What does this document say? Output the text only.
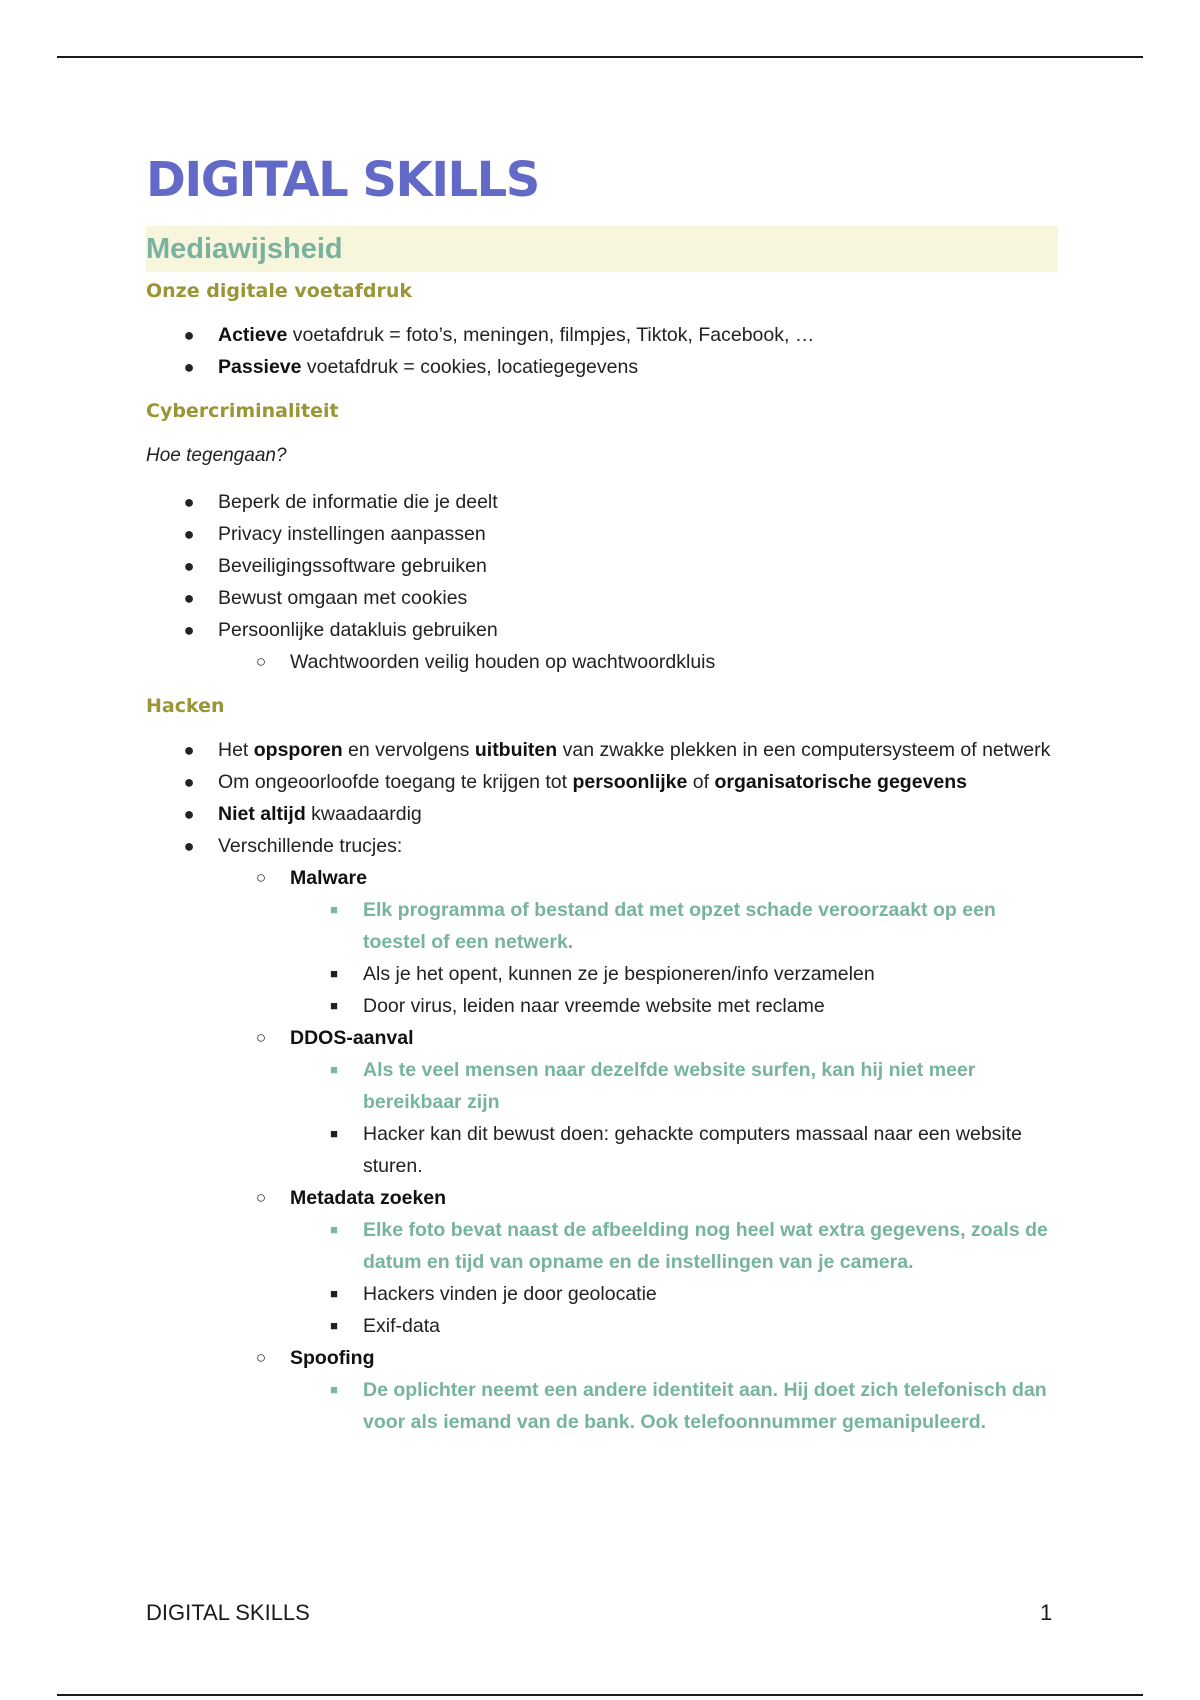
DIGITAL SKILLS
Mediawijsheid
Onze digitale voetafdruk
● Actieve voetafdruk = foto’s, meningen, filmpjes, Tiktok, Facebook, …
● Passieve voetafdruk = cookies, locatiegegevens
Cybercriminaliteit

Hoe tegengaan?

● Beperk de informatie die je deelt
● Privacy instellingen aanpassen
● Beveiligingssoftware gebruiken
● Bewust omgaan met cookies
● Persoonlijke datakluis gebruiken
○ Wachtwoorden veilig houden op wachtwoordkluis
Hacken
● Het opsporen en vervolgens uitbuiten van zwakke plekken in een computersysteem of netwerk
● Om ongeoorloofde toegang te krijgen tot persoonlijke of organisatorische gegevens
● Niet altijd kwaadaardig
● Verschillende trucjes:
○ Malware
■ Elk programma of bestand dat met opzet schade veroorzaakt op een toestel of een netwerk.
■ Als je het opent, kunnen ze je bespioneren/info verzamelen
■ Door virus, leiden naar vreemde website met reclame
○ DDOS-aanval
■ Als te veel mensen naar dezelfde website surfen, kan hij niet meer bereikbaar zijn
■ Hacker kan dit bewust doen: gehackte computers massaal naar een website sturen.
○ Metadata zoeken
■ Elke foto bevat naast de afbeelding nog heel wat extra gegevens, zoals de datum en tijd van opname en de instellingen van je camera.
■ Hackers vinden je door geolocatie
■ Exif-data
○ Spoofing
■ De oplichter neemt een andere identiteit aan. Hij doet zich telefonisch dan voor als iemand van de bank. Ook telefoonnummer gemanipuleerd.
DIGITAL SKILLS	1
